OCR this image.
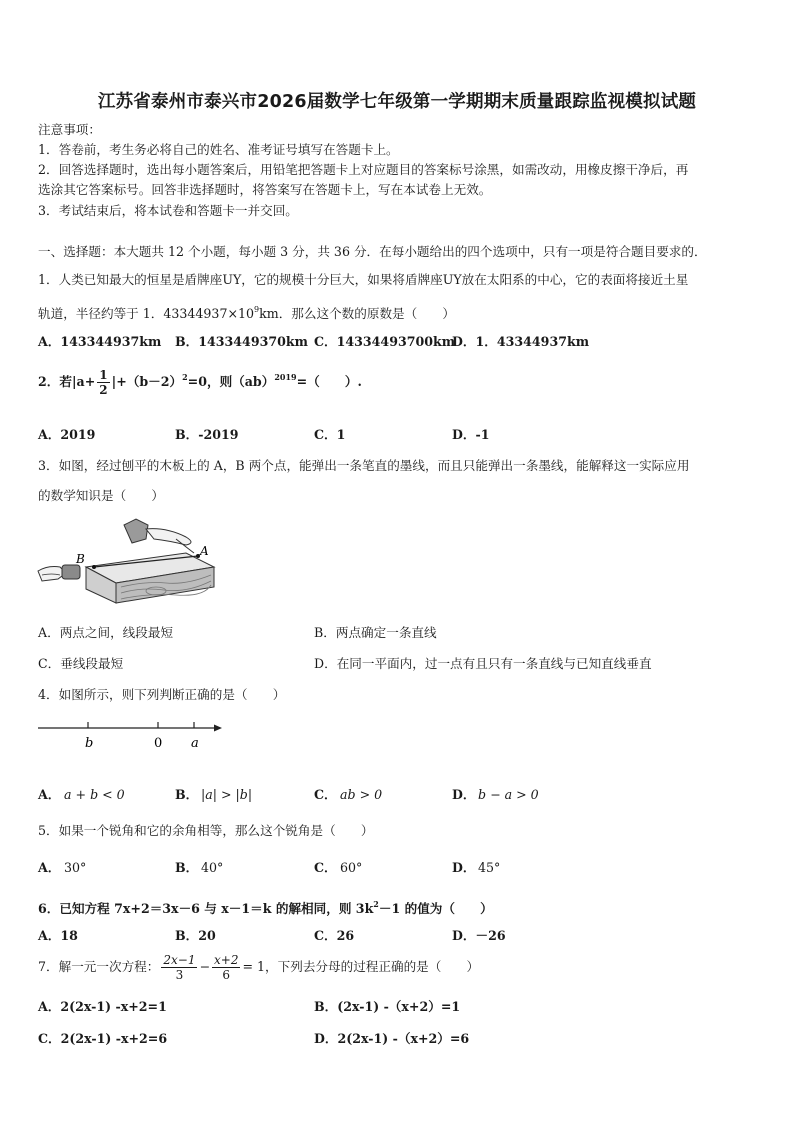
江苏省泰州市泰兴市2026届数学七年级第一学期期末质量跟踪监视模拟试题
注意事项：
1．答卷前，考生务必将自己的姓名、准考证号填写在答题卡上。
2．回答选择题时，选出每小题答案后，用铅笔把答题卡上对应题目的答案标号涂黑，如需改动，用橡皮擦干净后，再
选涂其它答案标号。回答非选择题时，将答案写在答题卡上，写在本试卷上无效。
3．考试结束后，将本试卷和答题卡一并交回。
一、选择题：本大题共 12 个小题，每小题 3 分，共 36 分．在每小题给出的四个选项中，只有一项是符合题目要求的．
1．人类已知最大的恒星是盾牌座UY，它的规模十分巨大，如果将盾牌座UY放在太阳系的中心，它的表面将接近土星
轨道，半径约等于 1．$43344937\times 10^9km$．那么这个数的原数是（　　）
A．143344937km B．1433449370km C．14334493700km
D．1．43344937km
2．若$|a+ \frac{1}{2} |+(b-2)^2=0$，则（ab）$^{2019}$=（　　）.
A．2019	B．-2019	C．1	D．-1
3．如图，经过刨平的木板上的 A，B 两个点，能弹出一条笔直的墨线，而且只能弹出一条墨线，能解释这一实际应用
的数学知识是（　　）
B
A
A．两点之间，线段最短	B．两点确定一条直线
C．垂线段最短	D．在同一平面内，过一点有且只有一条直线与已知直线垂直
4．如图所示，则下列判断正确的是（　　）
b	0 a
A． a + b < 0	B． |a| > |b|	C． ab > 0	D． b − a > 0
5．如果一个锐角和它的余角相等，那么这个锐角是（　　）
A． 30°	B． 40°	C． 60°	D． 45°
6．已知方程 7x+2＝3x－6 与 x－1＝k 的解相同，则 $3k^2-1$ 的值为（　　）
A．18	B．20	C．26	D．－26
7．解一元一次方程： $\frac{2x-1}{3} - \frac{x+2}{6} = 1$，下列去分母的过程正确的是（　　）
A．2(2x-1) -x+2=1	B．(2x-1) -（x+2）=1
C．2(2x-1) -x+2=6	D．2(2x-1) -（x+2）=6
